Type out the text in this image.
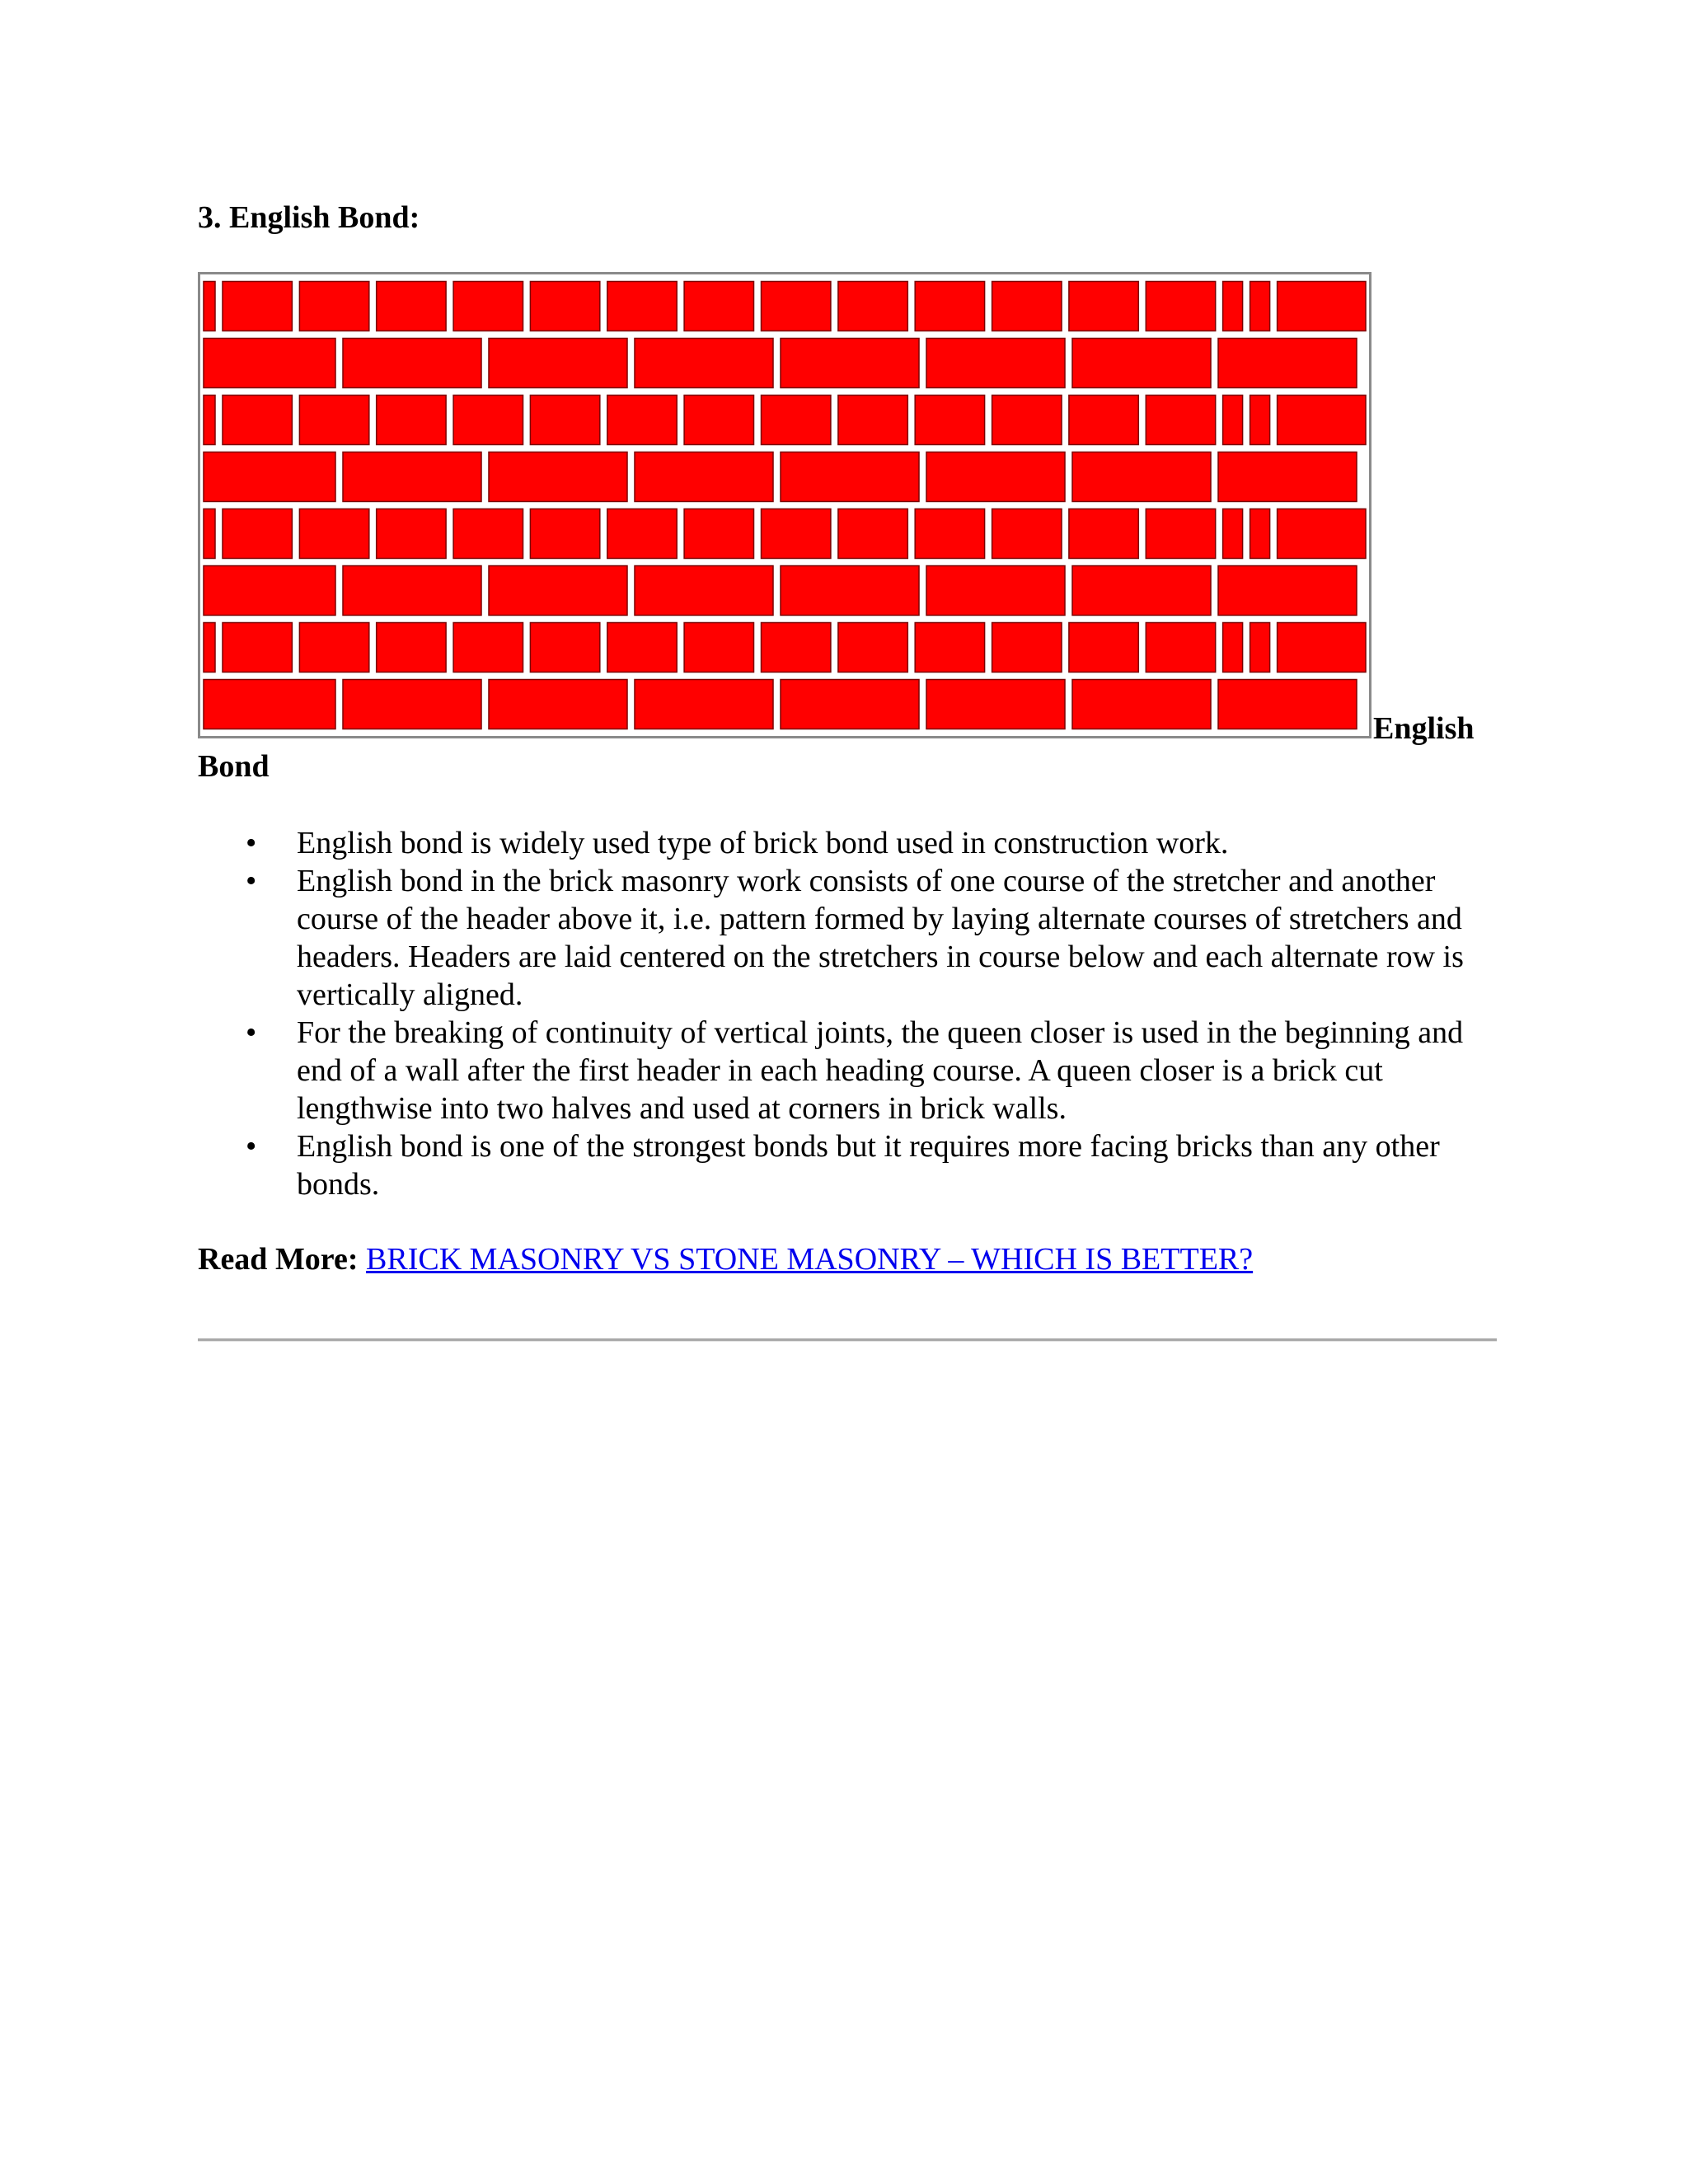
3. English Bond:
English
Bond
• English bond is widely used type of brick bond used in construction work.
• English bond in the brick masonry work consists of one course of the stretcher and another course of the header above it, i.e. pattern formed by laying alternate courses of stretchers and headers. Headers are laid centered on the stretchers in course below and each alternate row is vertically aligned.
• For the breaking of continuity of vertical joints, the queen closer is used in the beginning and end of a wall after the first header in each heading course. A queen closer is a brick cut lengthwise into two halves and used at corners in brick walls.
• English bond is one of the strongest bonds but it requires more facing bricks than any other bonds.
Read More: BRICK MASONRY VS STONE MASONRY – WHICH IS BETTER?
